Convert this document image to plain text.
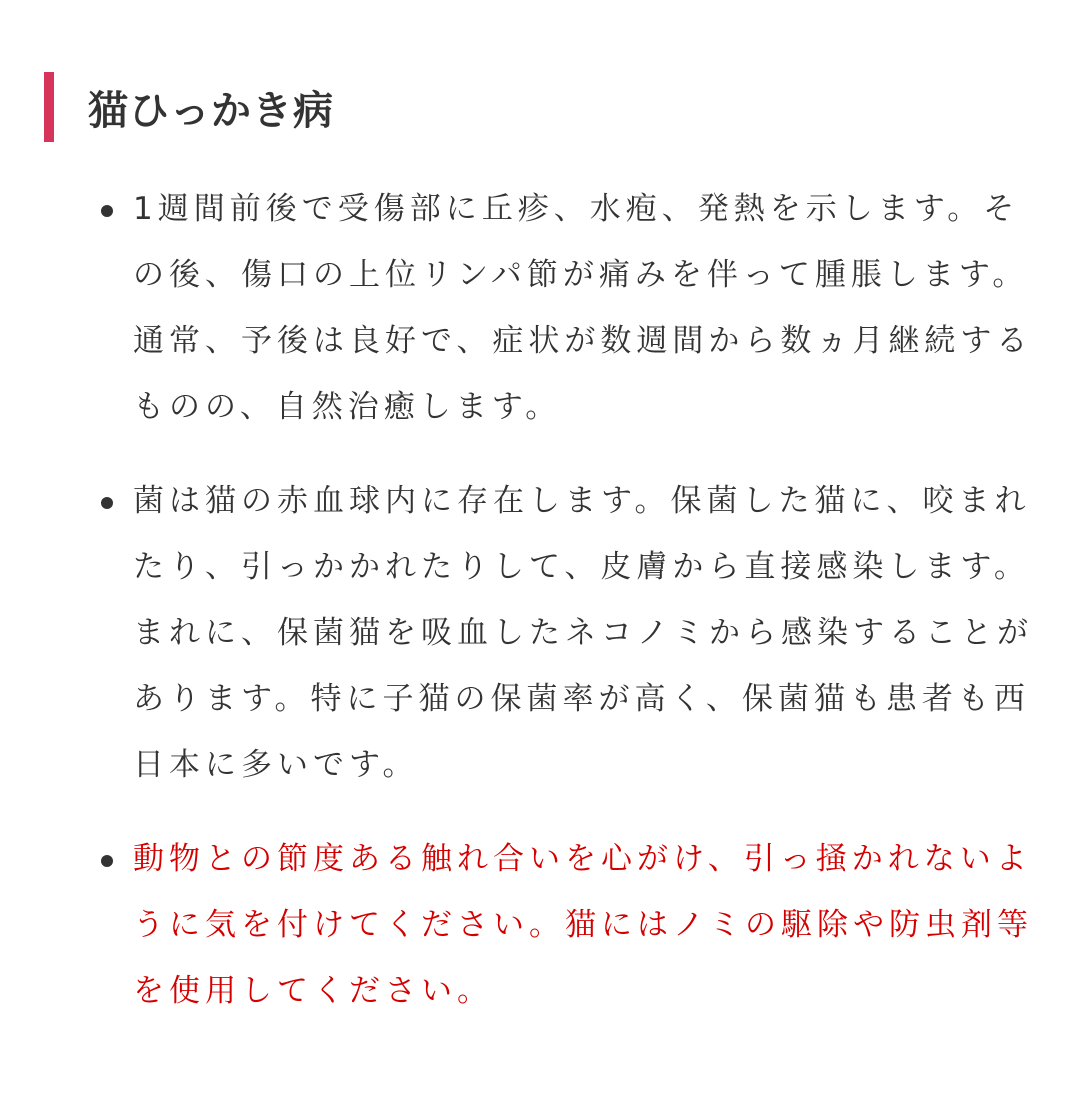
猫ひっかき病
1週間前後で受傷部に丘疹、水疱、発熱を示します。その後、傷口の上位リンパ節が痛みを伴って腫脹します。通常、予後は良好で、症状が数週間から数ヵ月継続するものの、自然治癒します。
菌は猫の赤血球内に存在します。保菌した猫に、咬まれたり、引っかかれたりして、皮膚から直接感染します。まれに、保菌猫を吸血したネコノミから感染することがあります。特に子猫の保菌率が高く、保菌猫も患者も西日本に多いです。
動物との節度ある触れ合いを心がけ、引っ掻かれないように気を付けてください。猫にはノミの駆除や防虫剤等を使用してください。
